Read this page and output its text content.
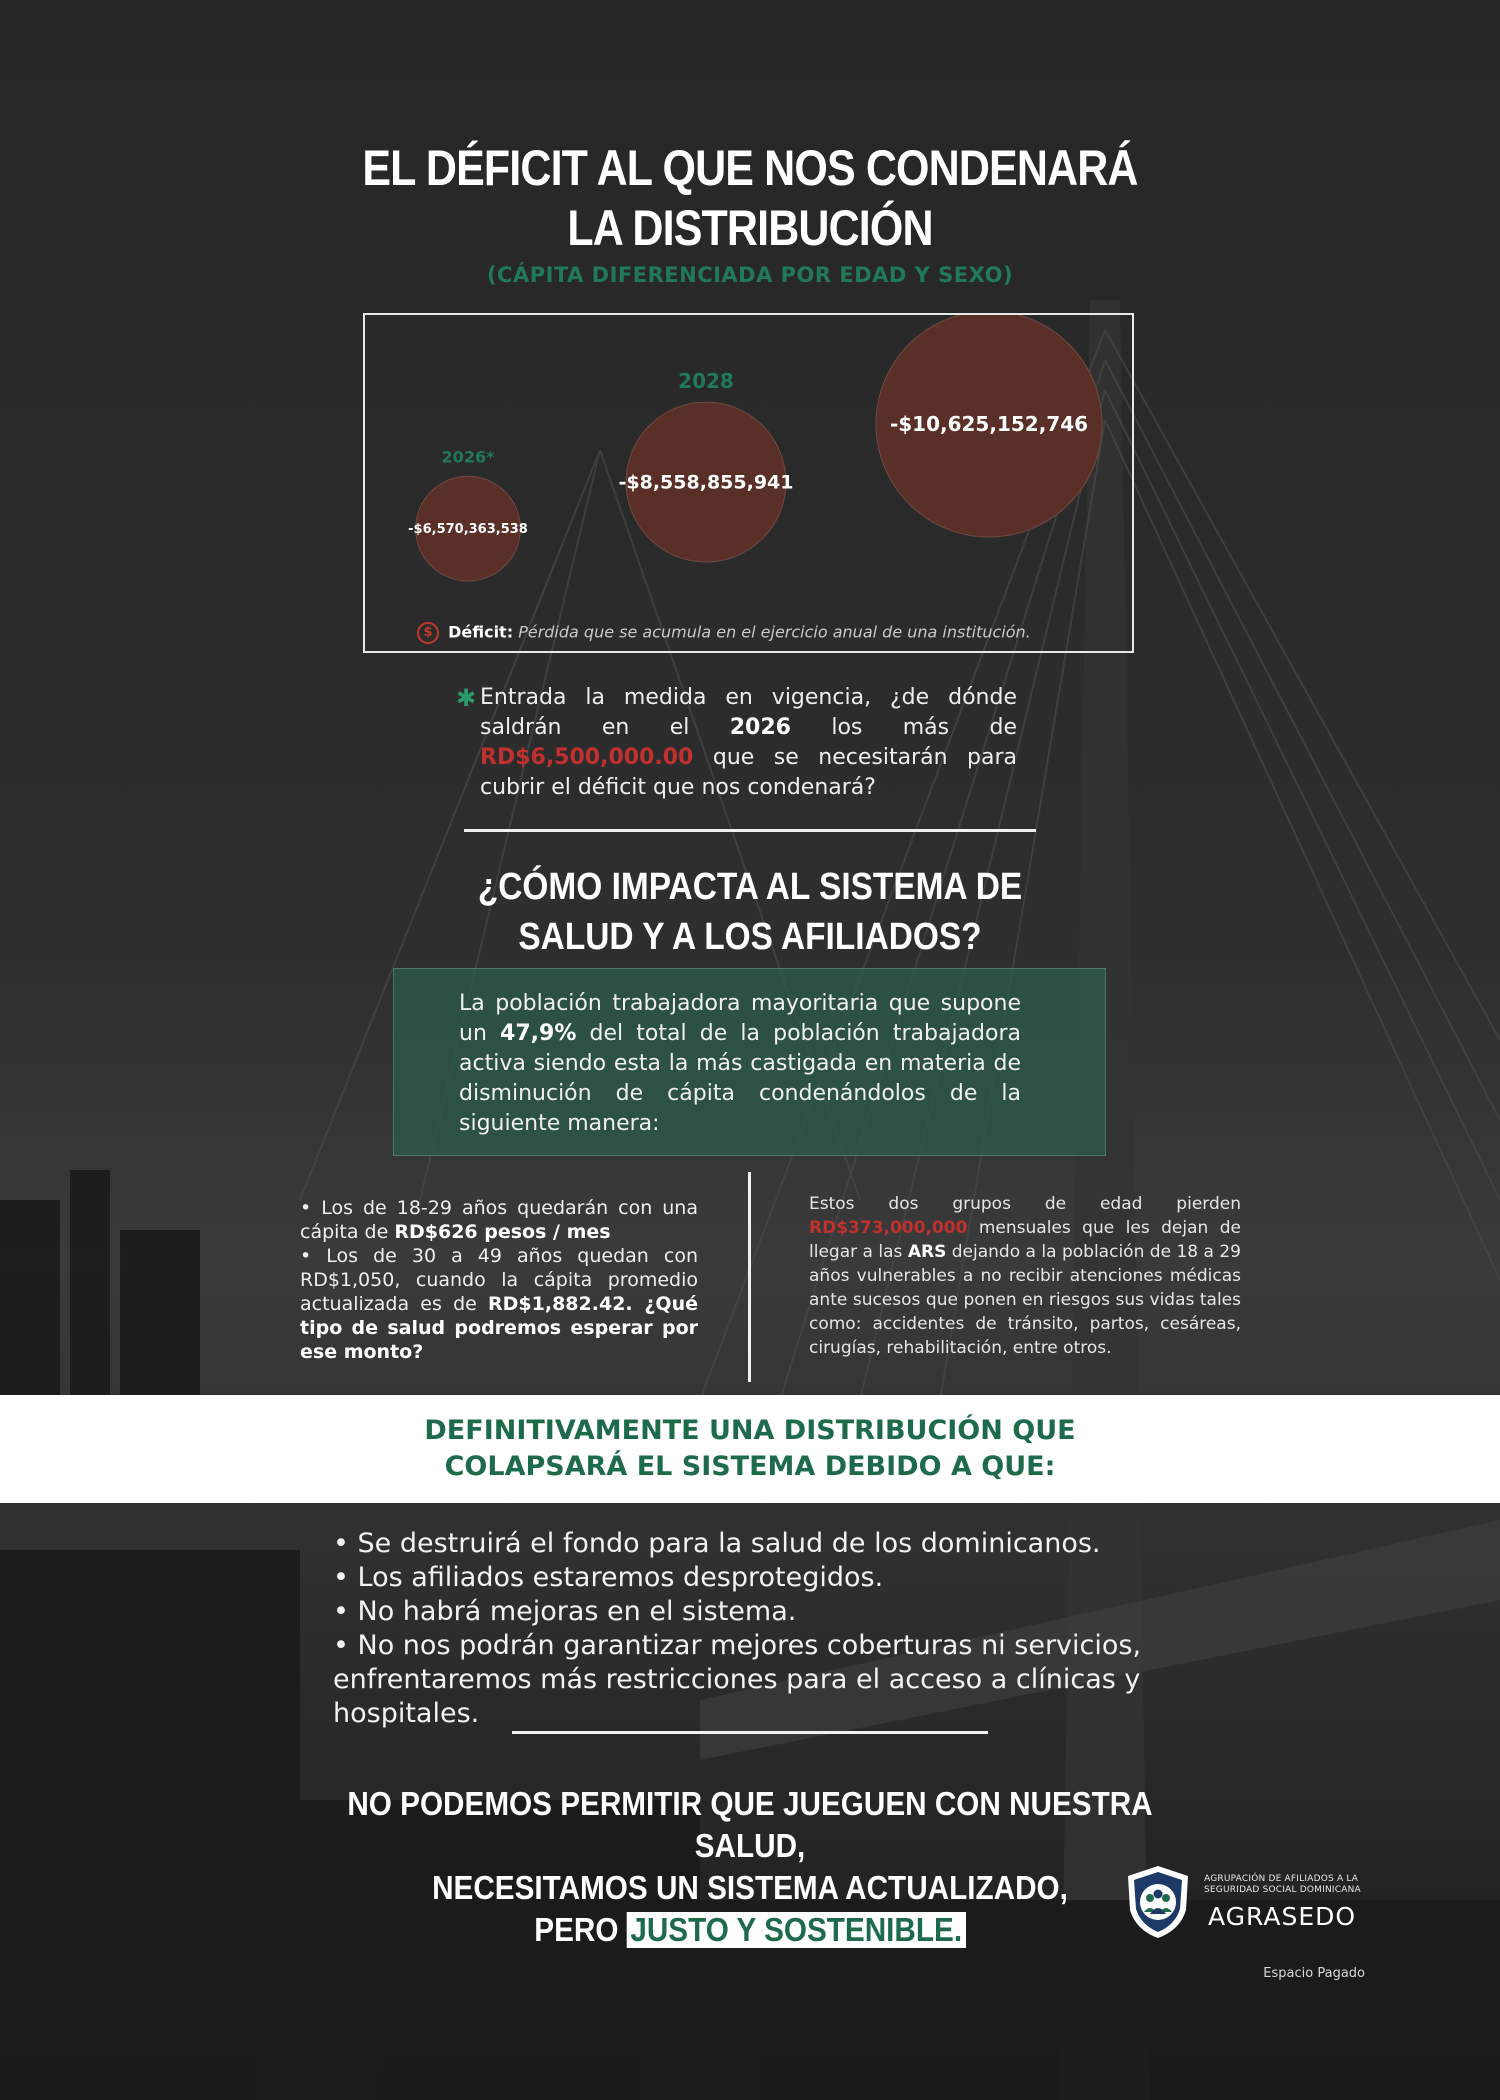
EL DÉFICIT AL QUE NOS CONDENARÁ
LA DISTRIBUCIÓN
(CÁPITA DIFERENCIADA POR EDAD Y SEXO)
-$6,570,363,538
2026*
-$8,558,855,941
2028
-$10,625,152,746
$ Déficit: Pérdida que se acumula en el ejercicio anual de una institución.
✱ Entrada la medida en vigencia, ¿de dónde saldrán en el 2026 los más de RD$6,500,000.00 que se necesitarán para cubrir el déficit que nos condenará?
¿CÓMO IMPACTA AL SISTEMA DE
SALUD Y A LOS AFILIADOS?
La población trabajadora mayoritaria que supone un 47,9% del total de la población trabajadora activa siendo esta la más castigada en materia de disminución de cápita condenándolos de la siguiente manera:
• Los de 18-29 años quedarán con una cápita de RD$626 pesos / mes
• Los de 30 a 49 años quedan con RD$1,050, cuando la cápita promedio actualizada es de RD$1,882.42. ¿Qué tipo de salud podremos esperar por ese monto?
Estos dos grupos de edad pierden RD$373,000,000 mensuales que les dejan de llegar a las ARS dejando a la población de 18 a 29 años vulnerables a no recibir atenciones médicas ante sucesos que ponen en riesgos sus vidas tales como: accidentes de tránsito, partos, cesáreas, cirugías, rehabilitación, entre otros.
DEFINITIVAMENTE UNA DISTRIBUCIÓN QUE
COLAPSARÁ EL SISTEMA DEBIDO A QUE:

• Se destruirá el fondo para la salud de los dominicanos.

• Los afiliados estaremos desprotegidos.

• No habrá mejoras en el sistema.

• No nos podrán garantizar mejores coberturas ni servicios, enfrentaremos más restricciones para el acceso a clínicas y hospitales.

NO PODEMOS PERMITIR QUE JUEGUEN CON NUESTRA SALUD,
NECESITAMOS UN SISTEMA ACTUALIZADO,
PERO JUSTO Y SOSTENIBLE.
AGRUPACIÓN DE AFILIADOS A LA
SEGURIDAD SOCIAL DOMINICANA
AGRASEDO
Espacio Pagado
